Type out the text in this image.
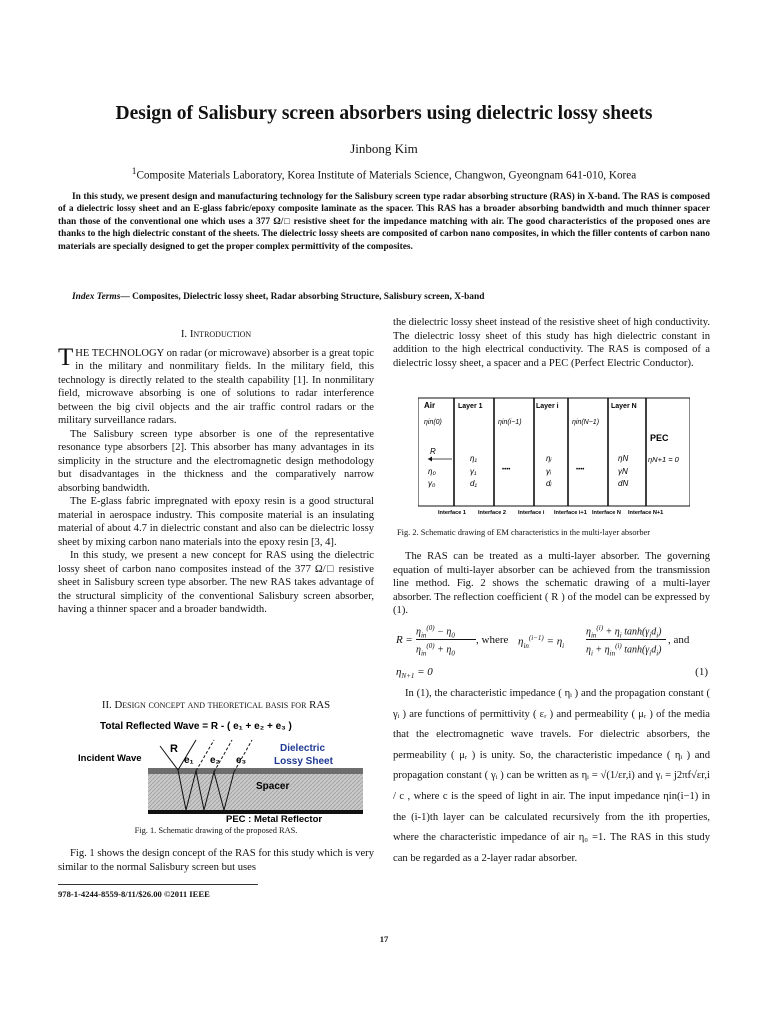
Design of Salisbury screen absorbers using dielectric lossy sheets
Jinbong Kim
$^1$Composite Materials Laboratory, Korea Institute of Materials Science, Changwon, Gyeongnam 641-010, Korea
In this study, we present design and manufacturing technology for the Salisbury screen type radar absorbing structure (RAS) in X-band. The RAS is composed of a dielectric lossy sheet and an E-glass fabric/epoxy composite laminate as the spacer. This RAS has a broader absorbing bandwidth and much thinner spacer than those of the conventional one which uses a 377 Ω/□ resistive sheet for the impedance matching with air. The good characteristics of the proposed ones are thanks to the high dielectric constant of the sheets. The dielectric lossy sheets are composited of carbon nano composites, in which the filler contents of carbon nano materials are specially designed to get the proper complex permittivity of the composites.
Index Terms— Composites, Dielectric lossy sheet, Radar absorbing Structure, Salisbury screen, X-band
I. Introduction

THE TECHNOLOGY on radar (or microwave) absorber is a great topic in the military and nonmilitary fields. In the military field, this technology is directly related to the stealth capability [1]. In nonmilitary field, microwave absorbing is one of solutions to radar interference between the big civil objects and the air traffic control radars or the military surveillance radars.

The Salisbury screen type absorber is one of the representative resonance type absorbers [2]. This absorber has many advantages in its simplicity in the structure and the electromagnetic design methodology but disadvantages in the thickness and the comparatively narrow absorbing bandwidth.

The E-glass fabric impregnated with epoxy resin is a good structural material in aerospace industry. This composite material is an insulating material of about 4.7 in dielectric constant and also can be dielectric lossy sheet by mixing carbon nano materials into the epoxy resin [3, 4].

In this study, we present a new concept for RAS using the dielectric lossy sheet of carbon nano composites instead of the 377 Ω/□ resistive sheet in Salisbury screen type absorber. The new RAS takes advantage of the structural simplicity of the conventional Salisbury screen absorber, having a thinner spacer and a broader bandwidth.

II. Design concept and theoretical basis for RAS
Total Reflected Wave = R - ( e₁ + e₂ + e₃ )
R
Incident Wave	e₁ e₂ e₃
Dielectric
Lossy Sheet
Spacer
PEC : Metal Reflector
Fig. 1. Schematic drawing of the proposed RAS.

Fig. 1 shows the design concept of the RAS for this study which is very similar to the normal Salisbury screen but uses

978-1-4244-8559-8/11/$26.00 ©2011 IEEE

the dielectric lossy sheet instead of the resistive sheet of high conductivity. The dielectric lossy sheet of this study has high dielectric constant in addition to the high electrical conductivity. The RAS is composed of a dielectric lossy sheet, a spacer and a PEC (Perfect Electric Conductor).

Air	Layer 1	Layer i	Layer N
PEC
ηin(0)	ηin(i−1)	ηin(N−1)
R
η₀
γ₀
η₁
γ₁
d₁
••••
ηᵢ
γᵢ
dᵢ
••••
ηN
γN
dN
ηN+1 = 0
Interface 1 Interface 2 Interface i Interface i+1 Interface N Interface N+1
Fig. 2. Schematic drawing of EM characteristics in the multi-layer absorber

The RAS can be treated as a multi-layer absorber. The governing equation of multi-layer absorber can be achieved from the transmission line method. Fig. 2 shows the schematic drawing of a multi-layer absorber. The reflection coefficient ( R ) of the model can be expressed by (1).

R =
$\eta_{in}^{(0)} - \eta_0$
$\eta_{in}^{(0)} + \eta_0$
, where $\eta_{in}^{(i-1)} = \eta_i$
$\eta_{in}^{(i)} + \eta_i$ $\tanh(\gamma_id_i)$
$\eta_i + \eta_{in}^{(i)}$ $\tanh(\gamma_id_i)$
, and
$\eta_{N+1} = 0$	(1)

In (1), the characteristic impedance ( ηᵢ ) and the propagation constant ( γᵢ ) are functions of permittivity ( εᵣ ) and permeability ( μᵣ ) of the media that the electromagnetic wave travels. For dielectric absorbers, the permeability ( μᵣ ) is unity. So, the characteristic impedance ( ηᵢ ) and propagation constant ( γᵢ ) can be written as ηᵢ = √(1/εr,i) and γᵢ = j2πf√εr,i / c , where c is the speed of light in air. The input impedance ηin(i−1) in the (i-1)th layer can be calculated recursively from the ith properties, where the characteristic impedance of air η₀ =1. The RAS in this study can be regarded as a 2-layer radar absorber.

17
